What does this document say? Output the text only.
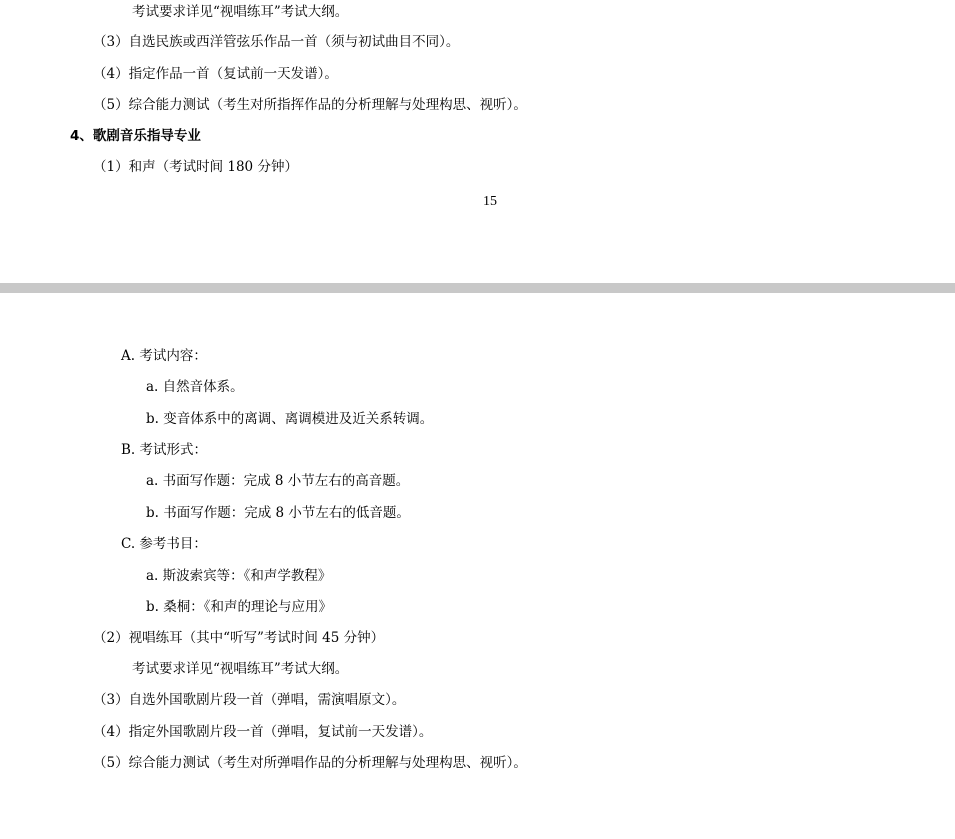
考试要求详见“视唱练耳”考试大纲。
（3）自选民族或西洋管弦乐作品一首（须与初试曲目不同）。
（4）指定作品一首（复试前一天发谱）。
（5）综合能力测试（考生对所指挥作品的分析理解与处理构思、视听）。
4、歌剧音乐指导专业
（1）和声（考试时间 180 分钟）
15
A. 考试内容：
a. 自然音体系。
b. 变音体系中的离调、离调模进及近关系转调。
B. 考试形式：
a. 书面写作题：完成 8 小节左右的高音题。
b. 书面写作题：完成 8 小节左右的低音题。
C. 参考书目：
a. 斯波索宾等：《和声学教程》
b. 桑桐：《和声的理论与应用》
（2）视唱练耳（其中“听写”考试时间 45 分钟）
考试要求详见“视唱练耳”考试大纲。
（3）自选外国歌剧片段一首（弹唱，需演唱原文）。
（4）指定外国歌剧片段一首（弹唱，复试前一天发谱）。
（5）综合能力测试（考生对所弹唱作品的分析理解与处理构思、视听）。
